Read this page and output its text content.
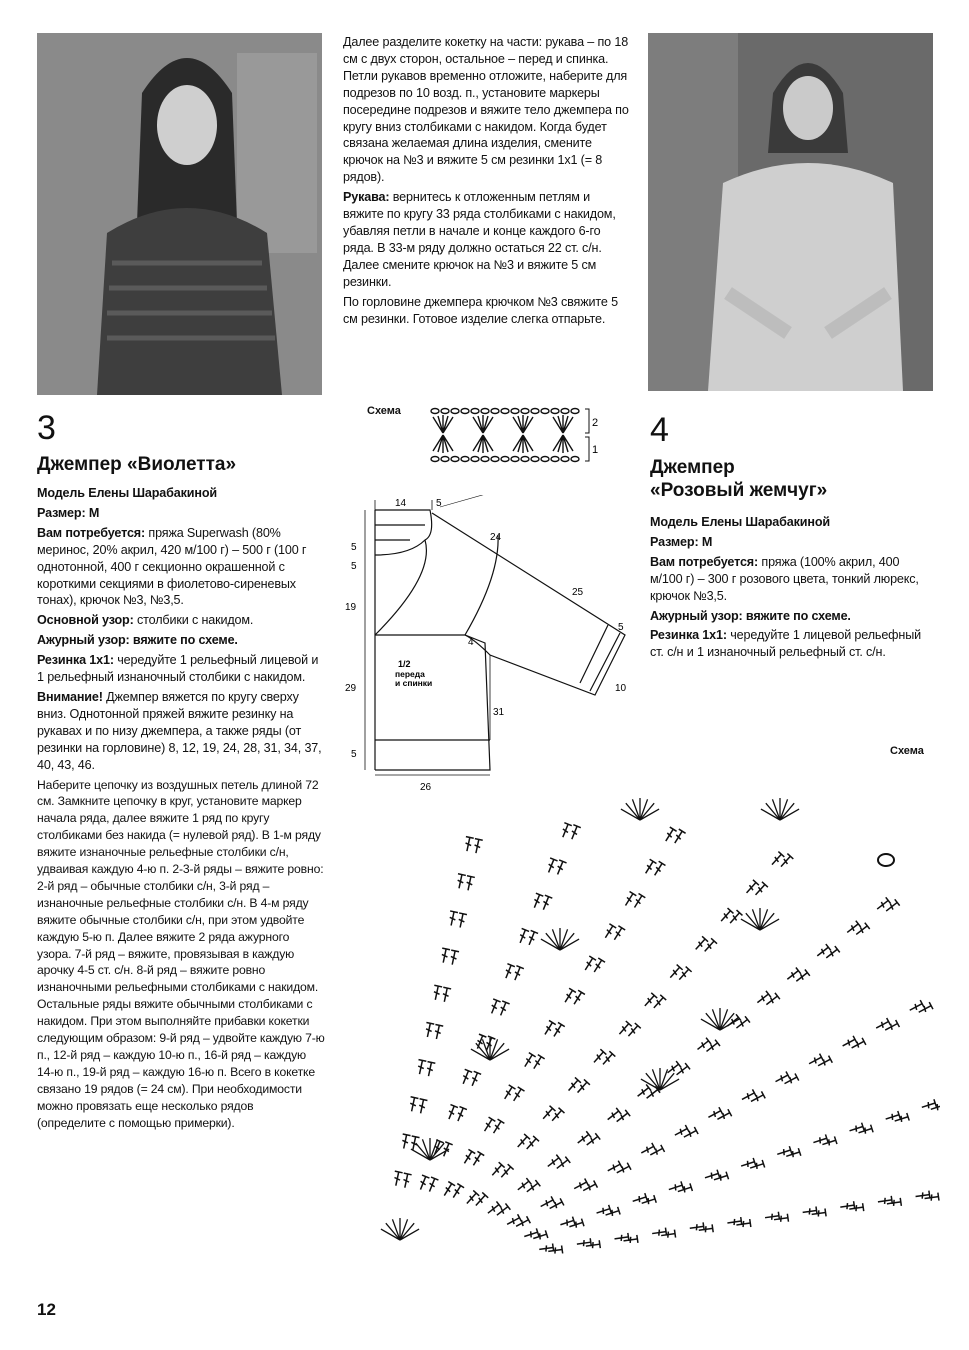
Далее разделите кокетку на части: рукава – по 18 см с двух сторон, остальное – перед и спинка. Петли рукавов временно отложите, наберите для подрезов по 10 возд. п., установите маркеры посередине подрезов и вяжите тело джемпера по кругу вниз столбиками с накидом. Когда будет связана желаемая длина изделия, смените крючок на №3 и вяжите 5 см резинки 1х1 (= 8 рядов).

Рукава: вернитесь к отложенным петлям и вяжите по кругу 33 ряда столбиками с накидом, убавляя петли в начале и конце каждого 6-го ряда. В 33-м ряду должно остаться 22 ст. с/н. Далее смените крючок на №3 и вяжите 5 см резинки.

По горловине джемпера крючком №3 свяжите 5 см резинки. Готовое изделие слегка отпарьте.

3
Джемпер «Виолетта»

Модель Елены Шарабакиной

Размер: М

Вам потребуется: пряжа Superwash (80% меринос, 20% акрил, 420 м/100 г) – 500 г (100 г однотонной, 400 г секционно окрашенной с короткими секциями в фиолетово-сиреневых тонах), крючок №3, №3,5.

Основной узор: столбики с накидом.

Ажурный узор: вяжите по схеме.

Резинка 1х1: чередуйте 1 рельефный лицевой и 1 рельефный изнаночный столбики с накидом.

Внимание! Джемпер вяжется по кругу сверху вниз. Однотонной пряжей вяжите резинку на рукавах и по низу джемпера, а также ряды (от резинки на горловине) 8, 12, 19, 24, 28, 31, 34, 37, 40, 43, 46.

Наберите цепочку из воздушных петель длиной 72 см. Замкните цепочку в круг, установите маркер начала ряда, далее вяжите 1 ряд по кругу столбиками без накида (= нулевой ряд). В 1-м ряду вяжите изнаночные рельефные столбики с/н, удваивая каждую 4-ю п. 2-3-й ряды – вяжите ровно: 2-й ряд – обычные столбики с/н, 3-й ряд – изнаночные рельефные столбики с/н. В 4-м ряду вяжите обычные столбики с/н, при этом удвойте каждую 5-ю п. Далее вяжите 2 ряда ажурного узора. 7-й ряд – вяжите, провязывая в каждую арочку 4-5 ст. с/н. 8-й ряд – вяжите ровно изнаночными рельефными столбиками с накидом. Остальные ряды вяжите обычными столбиками с накидом. При этом выполняйте прибавки кокетки следующим образом: 9-й ряд – удвойте каждую 7-ю п., 12-й ряд – каждую 10-ю п., 16-й ряд – каждую 14-ю п., 19-й ряд – каждую 16-ю п. Всего в кокетке связано 19 рядов (= 24 см). При необходимости можно провязать еще несколько рядов (определите с помощью примерки).

Схема
2
1
14	5
24
25
5
5
5
19
4
29	10
31
5
26
1/2
переда
и спинки
4
Джемпер
«Розовый жемчуг»

Модель Елены Шарабакиной

Размер: М

Вам потребуется: пряжа (100% акрил, 400 м/100 г) – 300 г розового цвета, тонкий люрекс, крючок №3,5.

Ажурный узор: вяжите по схеме.

Резинка 1х1: чередуйте 1 лицевой рельефный ст. с/н и 1 изнаночный рельефный ст. с/н.

Схема
12
